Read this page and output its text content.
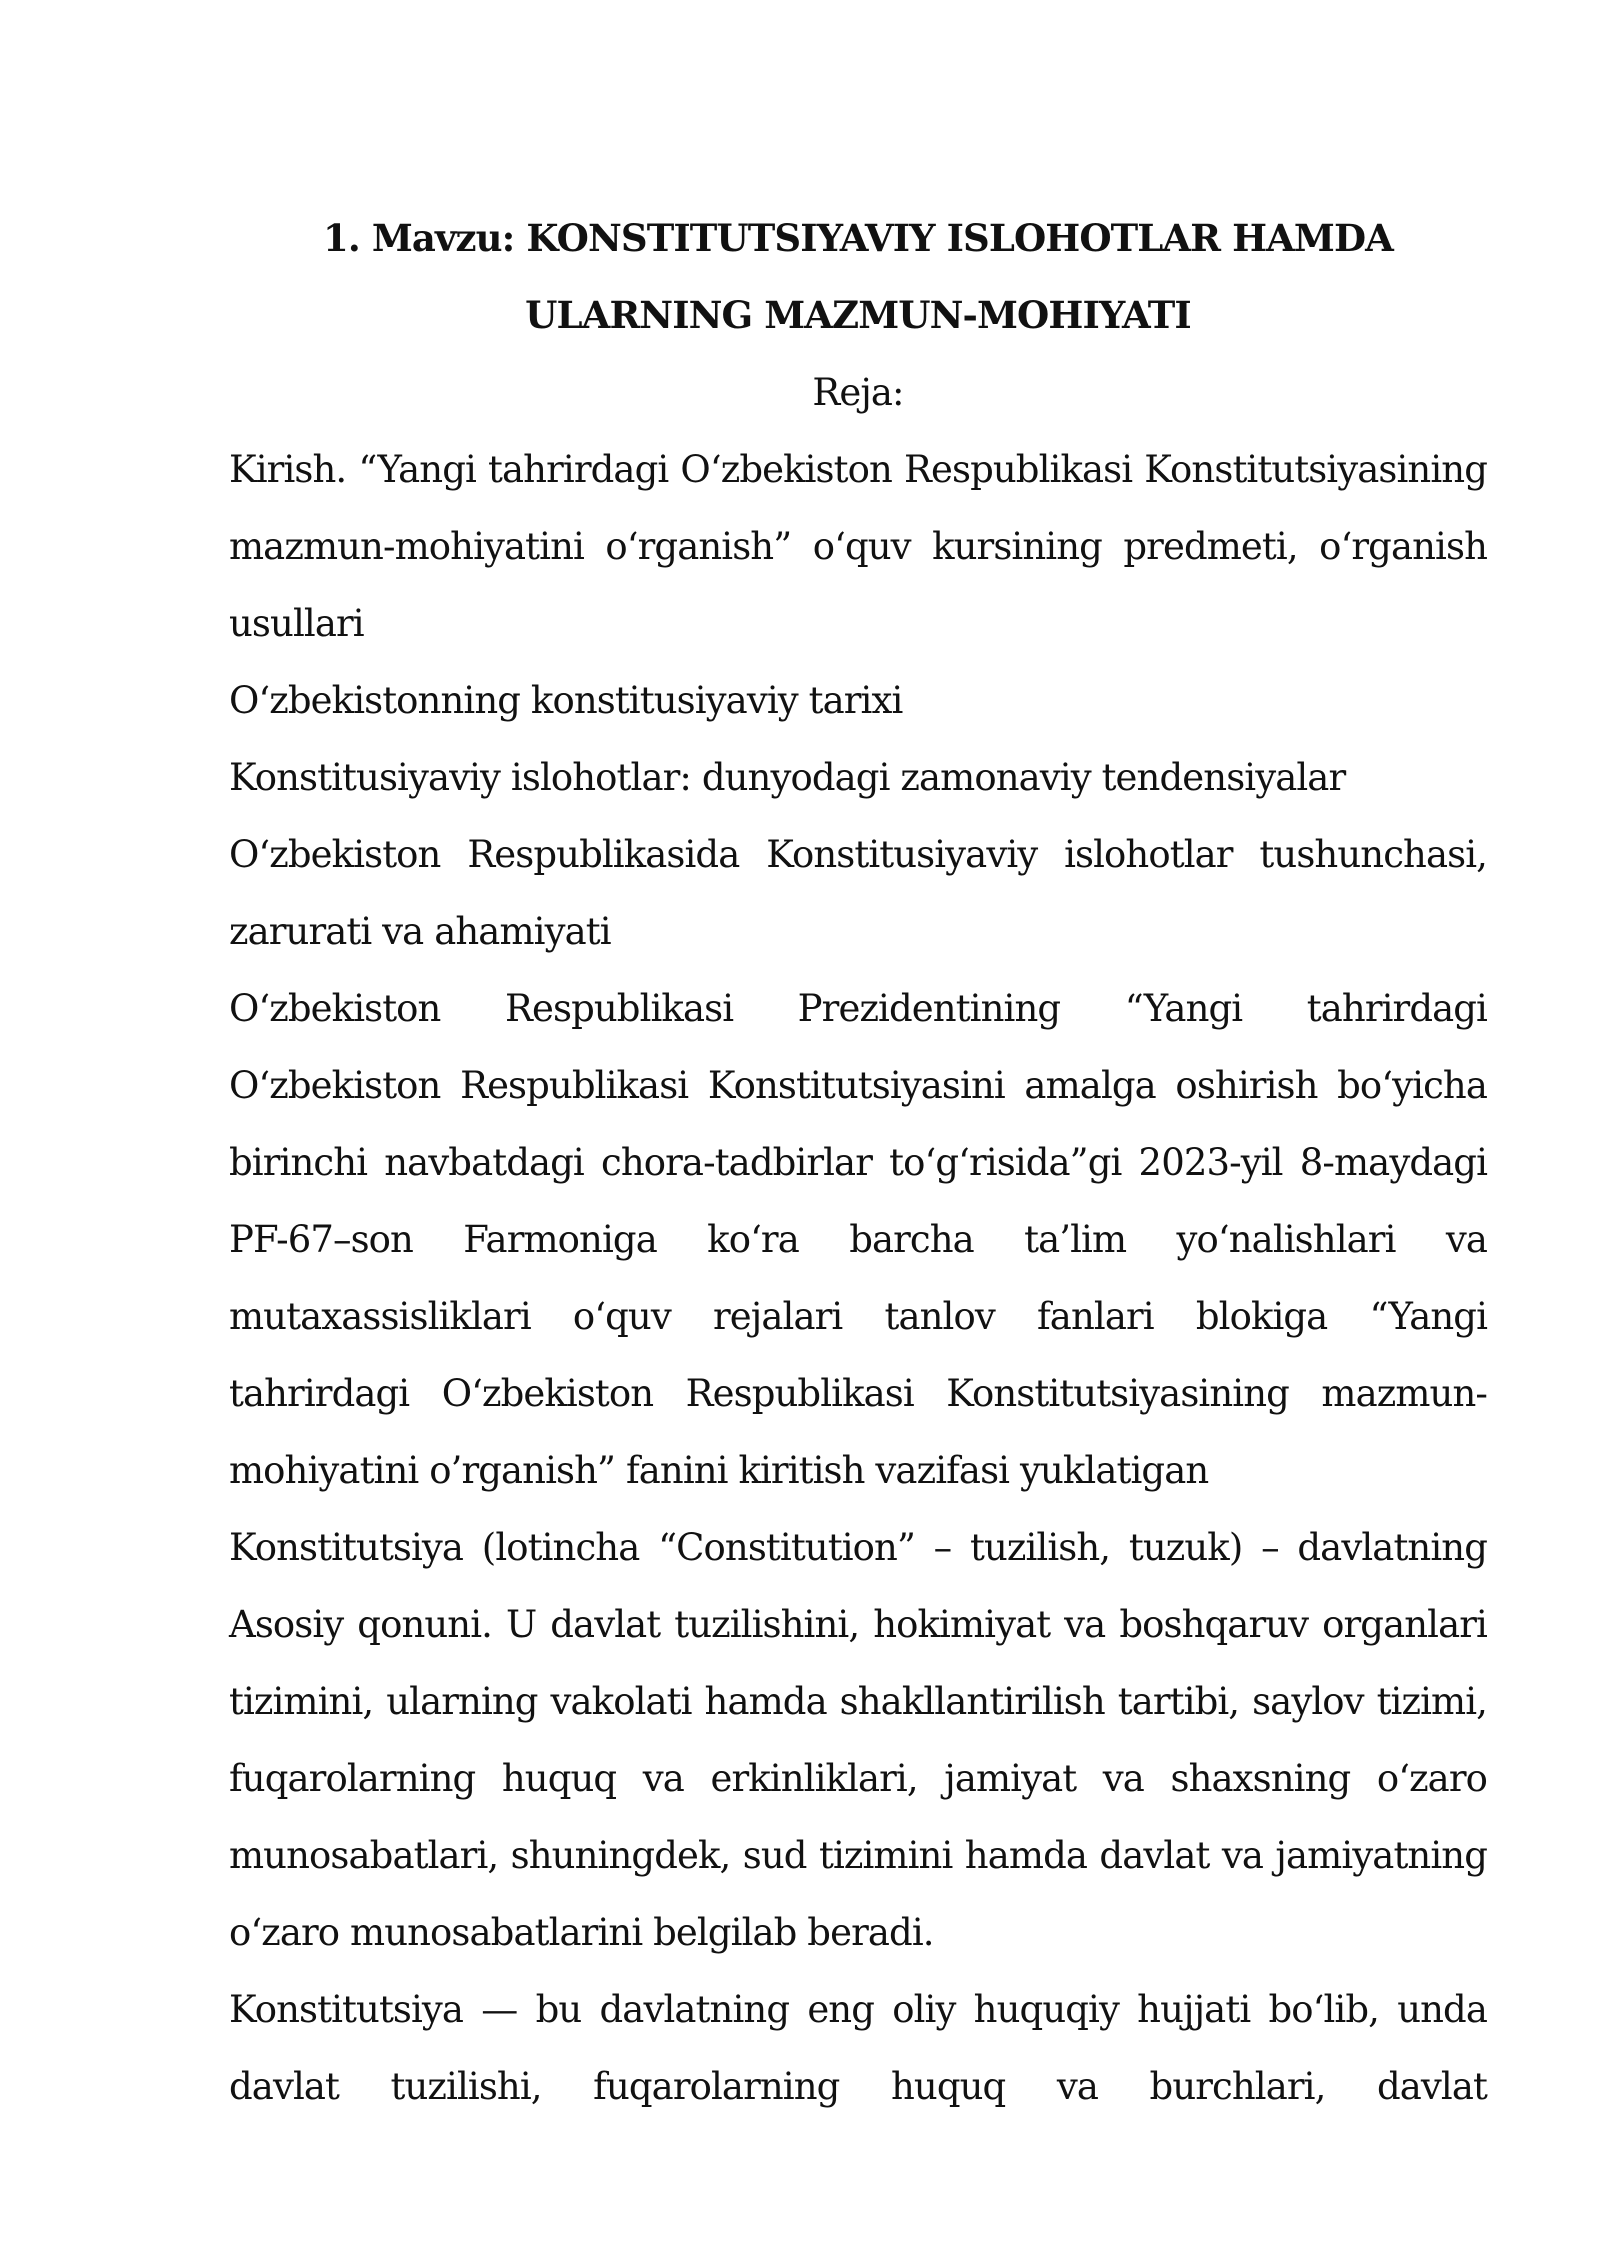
1. Mavzu: KONSTITUTSIYAVIY ISLOHOTLAR HAMDA ULARNING MAZMUN-MOHIYATI

Reja:

Kirish. “Yangi tahrirdagi O‘zbekiston Respublikasi Konstitutsiyasining mazmun-mohiyatini o‘rganish” o‘quv kursining predmeti, o‘rganish usullari

O‘zbekistonning konstitusiyaviy tarixi

Konstitusiyaviy islohotlar: dunyodagi zamonaviy tendensiyalar

O‘zbekiston Respublikasida Konstitusiyaviy islohotlar tushunchasi, zarurati va ahamiyati

O‘zbekiston Respublikasi Prezidentining “Yangi tahrirdagi O‘zbekiston Respublikasi Konstitutsiyasini amalga oshirish bo‘yicha birinchi navbatdagi chora-tadbirlar to‘g‘risida”gi 2023-yil 8-maydagi PF-67–son Farmoniga ko‘ra barcha ta’lim yo‘nalishlari va mutaxassisliklari o‘quv rejalari tanlov fanlari blokiga “Yangi tahrirdagi O‘zbekiston Respublikasi Konstitutsiyasining mazmun-mohiyatini o’rganish” fanini kiritish vazifasi yuklatigan

Konstitutsiya (lotincha “Constitution” – tuzilish, tuzuk) – davlatning Asosiy qonuni. U davlat tuzilishini, hokimiyat va boshqaruv organlari tizimini, ularning vakolati hamda shakllantirilish tartibi, saylov tizimi, fuqarolarning huquq va erkinliklari, jamiyat va shaxsning o‘zaro munosabatlari, shuningdek, sud tizimini hamda davlat va jamiyatning o‘zaro munosabatlarini belgilab beradi.

Konstitutsiya — bu davlatning eng oliy huquqiy hujjati bo‘lib, unda davlat tuzilishi, fuqarolarning huquq va burchlari, davlat
